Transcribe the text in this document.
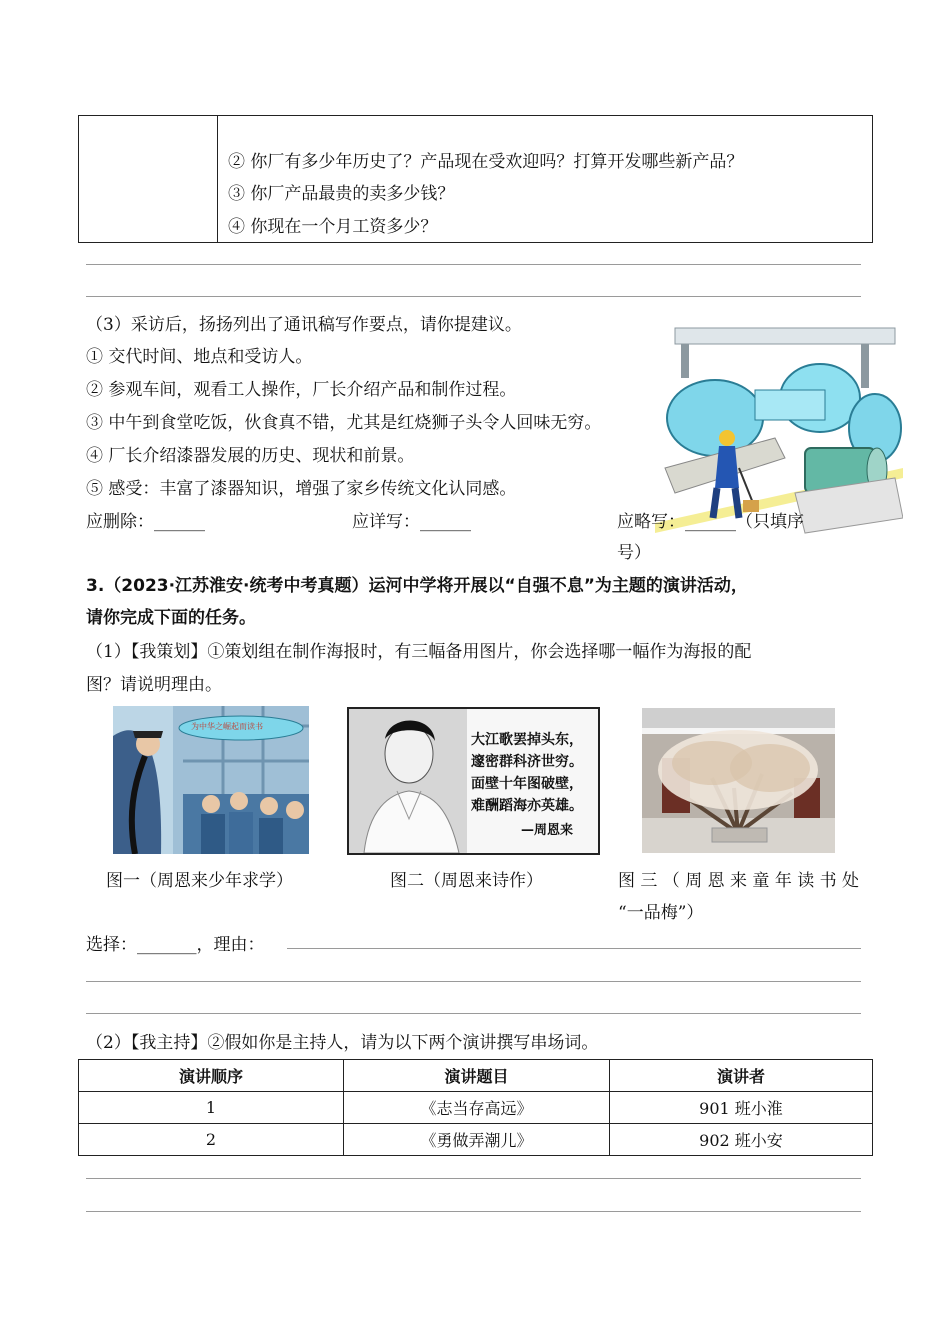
② 你厂有多少年历史了？产品现在受欢迎吗？打算开发哪些新产品？
③ 你厂产品最贵的卖多少钱？
④ 你现在一个月工资多少？
（3）采访后，扬扬列出了通讯稿写作要点，请你提建议。
① 交代时间、地点和受访人。
② 参观车间，观看工人操作，厂长介绍产品和制作过程。
③ 中午到食堂吃饭，伙食真不错，尤其是红烧狮子头令人回味无穷。
④ 厂长介绍漆器发展的历史、现状和前景。
⑤ 感受：丰富了漆器知识，增强了家乡传统文化认同感。
应删除：______	应详写：______	应略写：______（只填序
号）
3.（2023·江苏淮安·统考中考真题）运河中学将开展以“自强不息”为主题的演讲活动，
请你完成下面的任务。
（1）【我策划】①策划组在制作海报时，有三幅备用图片，你会选择哪一幅作为海报的配
图？请说明理由。
为中华之崛起而读书
大江歌罢掉头东，
邃密群科济世穷。
面壁十年图破壁，
难酬蹈海亦英雄。
—周恩来
图一（周恩来少年求学）	图二（周恩来诗作）	图 三 （ 周 恩 来 童 年 读 书 处
“一品梅”）
选择：_______，理由：
（2）【我主持】②假如你是主持人，请为以下两个演讲撰写串场词。
演讲顺序	演讲题目	演讲者
1	《志当存高远》	901 班小淮
2	《勇做弄潮儿》	902 班小安
